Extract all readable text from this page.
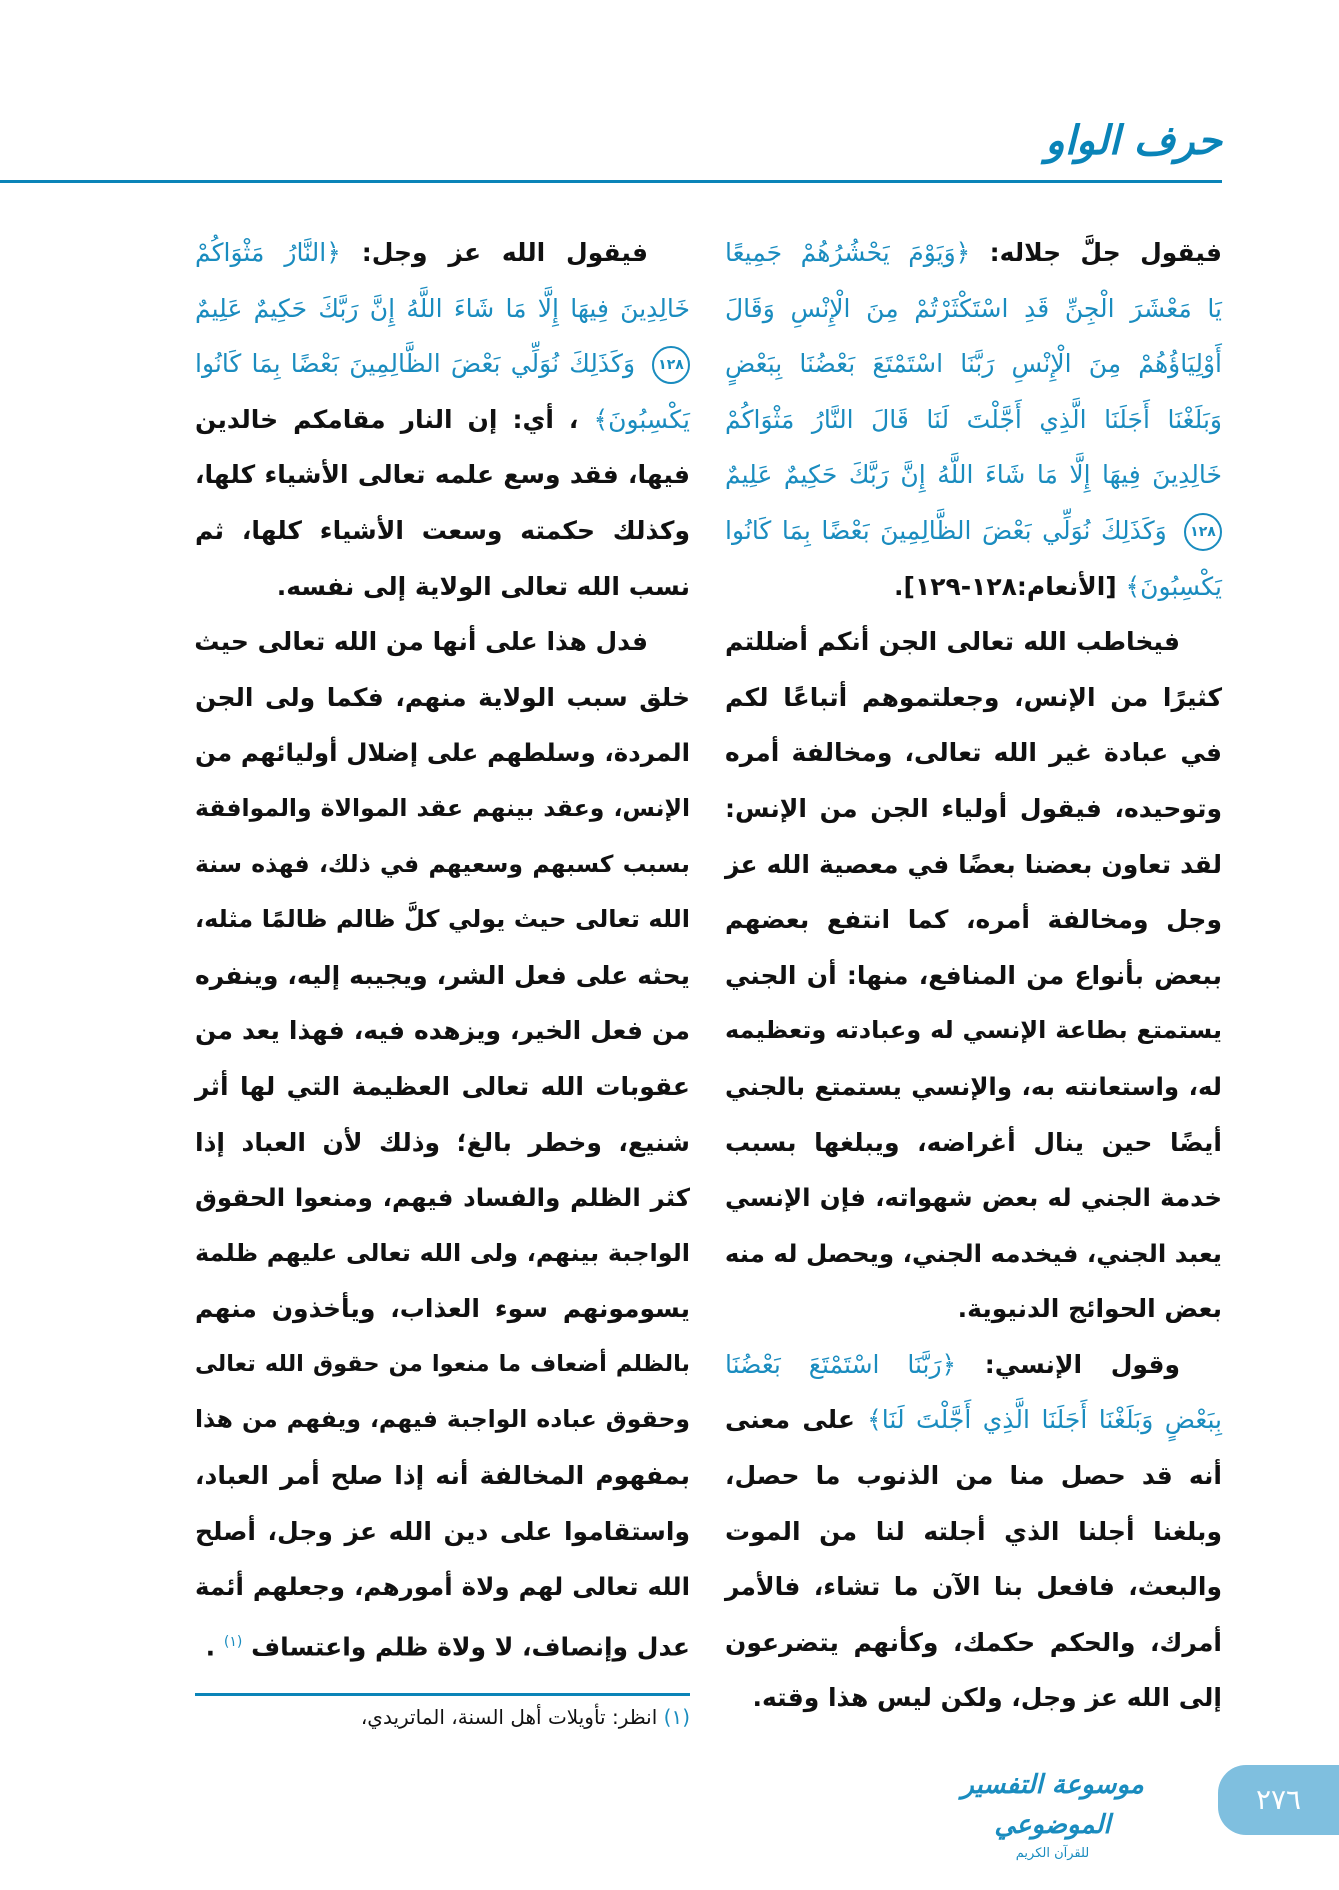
حرف الواو
فيقول جلَّ جلاله: ﴿وَيَوْمَ يَحْشُرُهُمْ جَمِيعًا
يَا مَعْشَرَ الْجِنِّ قَدِ اسْتَكْثَرْتُمْ مِنَ الْإِنْسِ وَقَالَ
أَوْلِيَاؤُهُمْ مِنَ الْإِنْسِ رَبَّنَا اسْتَمْتَعَ بَعْضُنَا بِبَعْضٍ
وَبَلَغْنَا أَجَلَنَا الَّذِي أَجَّلْتَ لَنَا قَالَ النَّارُ مَثْوَاكُمْ
خَالِدِينَ فِيهَا إِلَّا مَا شَاءَ اللَّهُ إِنَّ رَبَّكَ حَكِيمٌ عَلِيمٌ
١٢٨ وَكَذَلِكَ نُوَلِّي بَعْضَ الظَّالِمِينَ بَعْضًا بِمَا كَانُوا
يَكْسِبُونَ﴾ [الأنعام:١٢٨-١٢٩].
فيخاطب الله تعالى الجن أنكم أضللتم
كثيرًا من الإنس، وجعلتموهم أتباعًا لكم
في عبادة غير الله تعالى، ومخالفة أمره
وتوحيده، فيقول أولياء الجن من الإنس:
لقد تعاون بعضنا بعضًا في معصية الله عز
وجل ومخالفة أمره، كما انتفع بعضهم
ببعض بأنواع من المنافع، منها: أن الجني
يستمتع بطاعة الإنسي له وعبادته وتعظيمه
له، واستعانته به، والإنسي يستمتع بالجني
أيضًا حين ينال أغراضه، ويبلغها بسبب
خدمة الجني له بعض شهواته، فإن الإنسي
يعبد الجني، فيخدمه الجني، ويحصل له منه
بعض الحوائج الدنيوية.
وقول الإنسي: ﴿رَبَّنَا اسْتَمْتَعَ بَعْضُنَا
بِبَعْضٍ وَبَلَغْنَا أَجَلَنَا الَّذِي أَجَّلْتَ لَنَا﴾ على معنى
أنه قد حصل منا من الذنوب ما حصل،
وبلغنا أجلنا الذي أجلته لنا من الموت
والبعث، فافعل بنا الآن ما تشاء، فالأمر
أمرك، والحكم حكمك، وكأنهم يتضرعون
إلى الله عز وجل، ولكن ليس هذا وقته.
فيقول الله عز وجل: ﴿النَّارُ مَثْوَاكُمْ
خَالِدِينَ فِيهَا إِلَّا مَا شَاءَ اللَّهُ إِنَّ رَبَّكَ حَكِيمٌ عَلِيمٌ
١٢٨ وَكَذَلِكَ نُوَلِّي بَعْضَ الظَّالِمِينَ بَعْضًا بِمَا كَانُوا
يَكْسِبُونَ﴾ ، أي: إن النار مقامكم خالدين
فيها، فقد وسع علمه تعالى الأشياء كلها،
وكذلك حكمته وسعت الأشياء كلها، ثم
نسب الله تعالى الولاية إلى نفسه.
فدل هذا على أنها من الله تعالى حيث
خلق سبب الولاية منهم، فكما ولى الجن
المردة، وسلطهم على إضلال أوليائهم من
الإنس، وعقد بينهم عقد الموالاة والموافقة
بسبب كسبهم وسعيهم في ذلك، فهذه سنة
الله تعالى حيث يولي كلَّ ظالم ظالمًا مثله،
يحثه على فعل الشر، ويجيبه إليه، وينفره
من فعل الخير، ويزهده فيه، فهذا يعد من
عقوبات الله تعالى العظيمة التي لها أثر
شنيع، وخطر بالغ؛ وذلك لأن العباد إذا
كثر الظلم والفساد فيهم، ومنعوا الحقوق
الواجبة بينهم، ولى الله تعالى عليهم ظلمة
يسومونهم سوء العذاب، ويأخذون منهم
بالظلم أضعاف ما منعوا من حقوق الله تعالى
وحقوق عباده الواجبة فيهم، ويفهم من هذا
بمفهوم المخالفة أنه إذا صلح أمر العباد،
واستقاموا على دين الله عز وجل، أصلح
الله تعالى لهم ولاة أمورهم، وجعلهم أئمة
عدل وإنصاف، لا ولاة ظلم واعتساف $^{(١)}$ .
(١) انظر: تأويلات أهل السنة، الماتريدي،
موسوعة التفسير الموضوعي
للقرآن الكريم
٢٧٦
